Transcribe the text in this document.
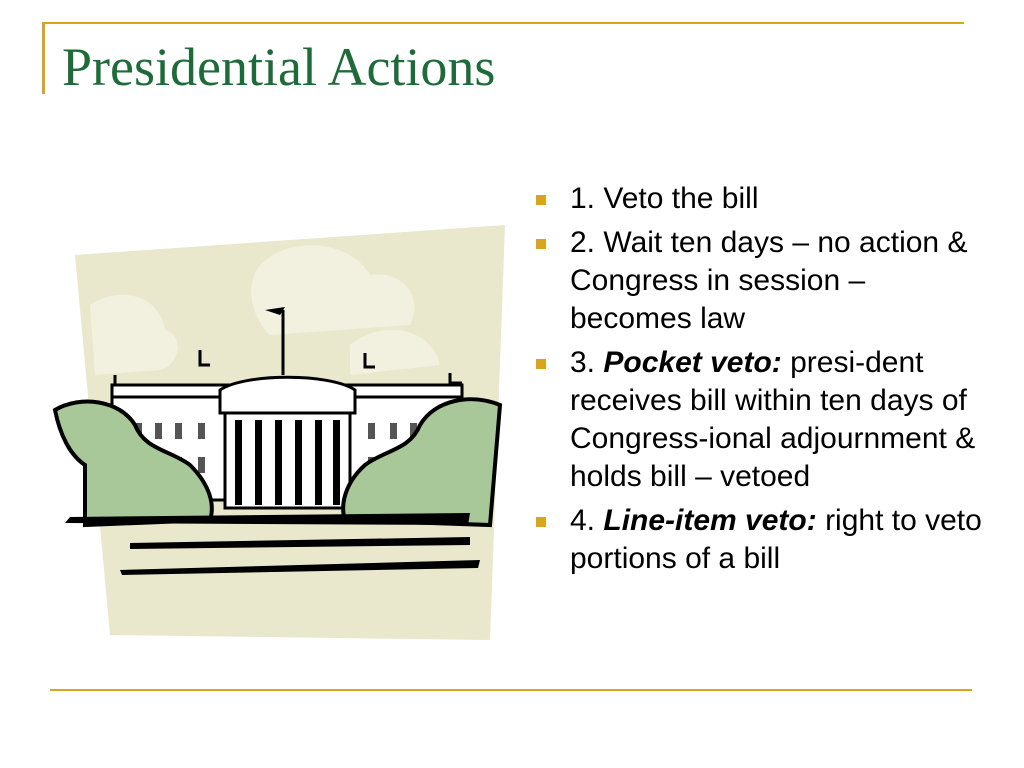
Presidential Actions
1. Veto the bill
2. Wait ten days – no action & Congress in session – becomes law
3. Pocket veto: presi-dent receives bill within ten days of Congress-ional adjournment & holds bill – vetoed
4. Line-item veto: right to veto portions of a bill
